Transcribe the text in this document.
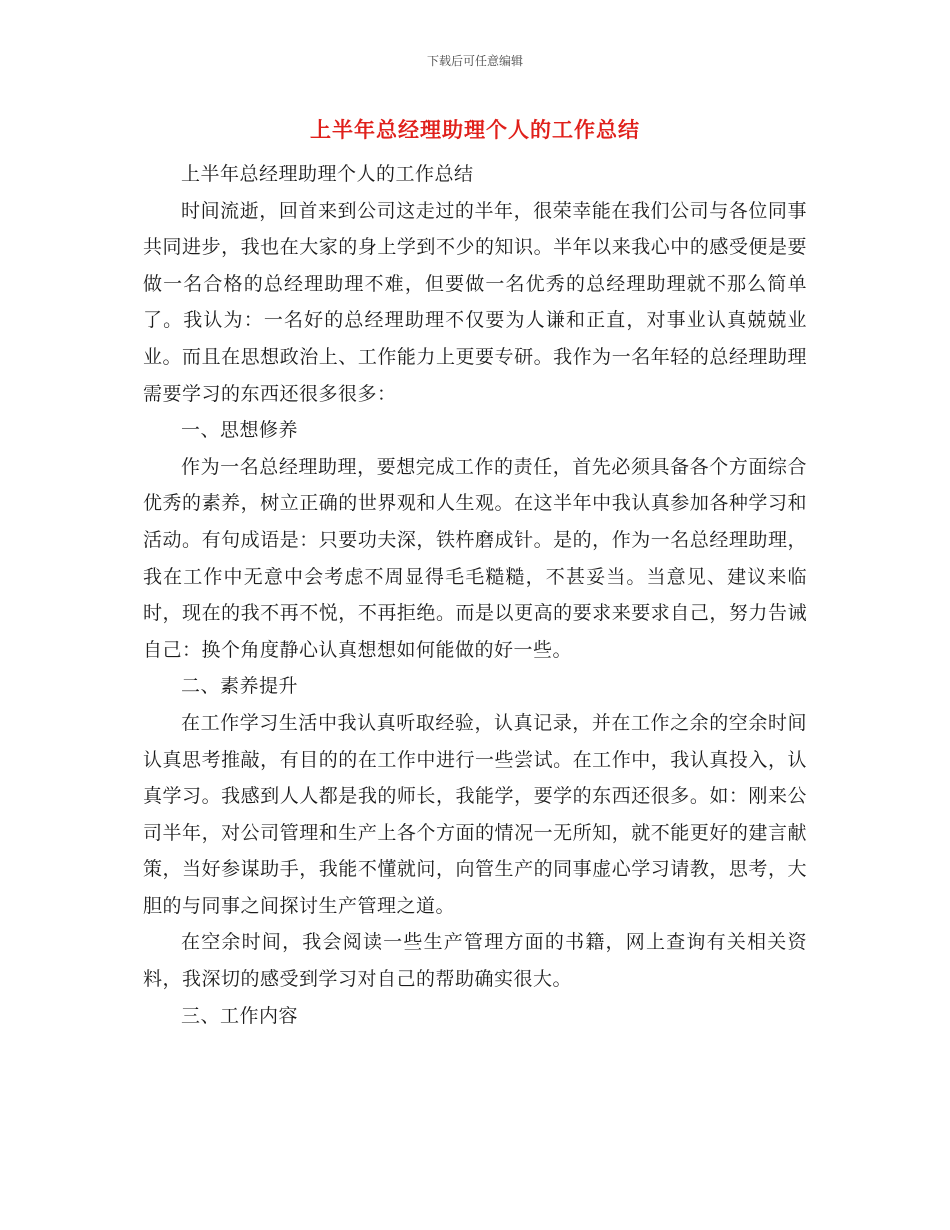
下载后可任意编辑
上半年总经理助理个人的工作总结

上半年总经理助理个人的工作总结

时间流逝，回首来到公司这走过的半年，很荣幸能在我们公司与各位同事共同进步，我也在大家的身上学到不少的知识。半年以来我心中的感受便是要做一名合格的总经理助理不难，但要做一名优秀的总经理助理就不那么简单了。我认为：一名好的总经理助理不仅要为人谦和正直，对事业认真兢兢业业。而且在思想政治上、工作能力上更要专研。我作为一名年轻的总经理助理需要学习的东西还很多很多：

一、思想修养

作为一名总经理助理，要想完成工作的责任，首先必须具备各个方面综合优秀的素养，树立正确的世界观和人生观。在这半年中我认真参加各种学习和活动。有句成语是：只要功夫深，铁杵磨成针。是的，作为一名总经理助理，我在工作中无意中会考虑不周显得毛毛糙糙，不甚妥当。当意见、建议来临时，现在的我不再不悦，不再拒绝。而是以更高的要求来要求自己，努力告诫自己：换个角度静心认真想想如何能做的好一些。

二、素养提升

在工作学习生活中我认真听取经验，认真记录，并在工作之余的空余时间认真思考推敲，有目的的在工作中进行一些尝试。在工作中，我认真投入，认真学习。我感到人人都是我的师长，我能学，要学的东西还很多。如：刚来公司半年，对公司管理和生产上各个方面的情况一无所知，就不能更好的建言献策，当好参谋助手，我能不懂就问，向管生产的同事虚心学习请教，思考，大胆的与同事之间探讨生产管理之道。

在空余时间，我会阅读一些生产管理方面的书籍，网上查询有关相关资料，我深切的感受到学习对自己的帮助确实很大。

三、工作内容
